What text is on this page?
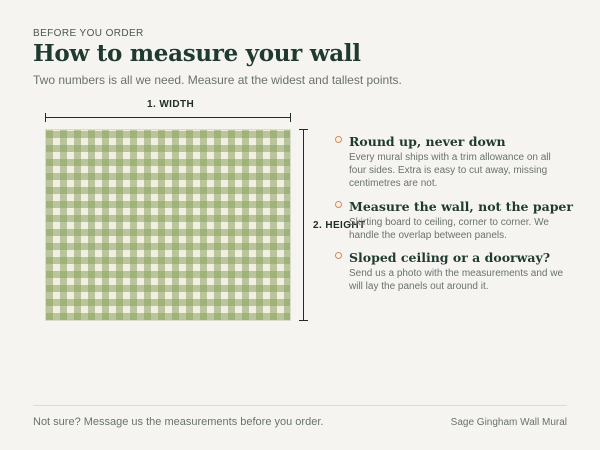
BEFORE YOU ORDER
How to measure your wall
Two numbers is all we need. Measure at the widest and tallest points.
1. WIDTH
2. HEIGHT
Round up, never down
Every mural ships with a trim allowance on all four sides. Extra is easy to cut away, missing centimetres are not.
Measure the wall, not the paper
Skirting board to ceiling, corner to corner. We handle the overlap between panels.
Sloped ceiling or a doorway?
Send us a photo with the measurements and we will lay the panels out around it.
Not sure? Message us the measurements before you order.	Sage Gingham Wall Mural
